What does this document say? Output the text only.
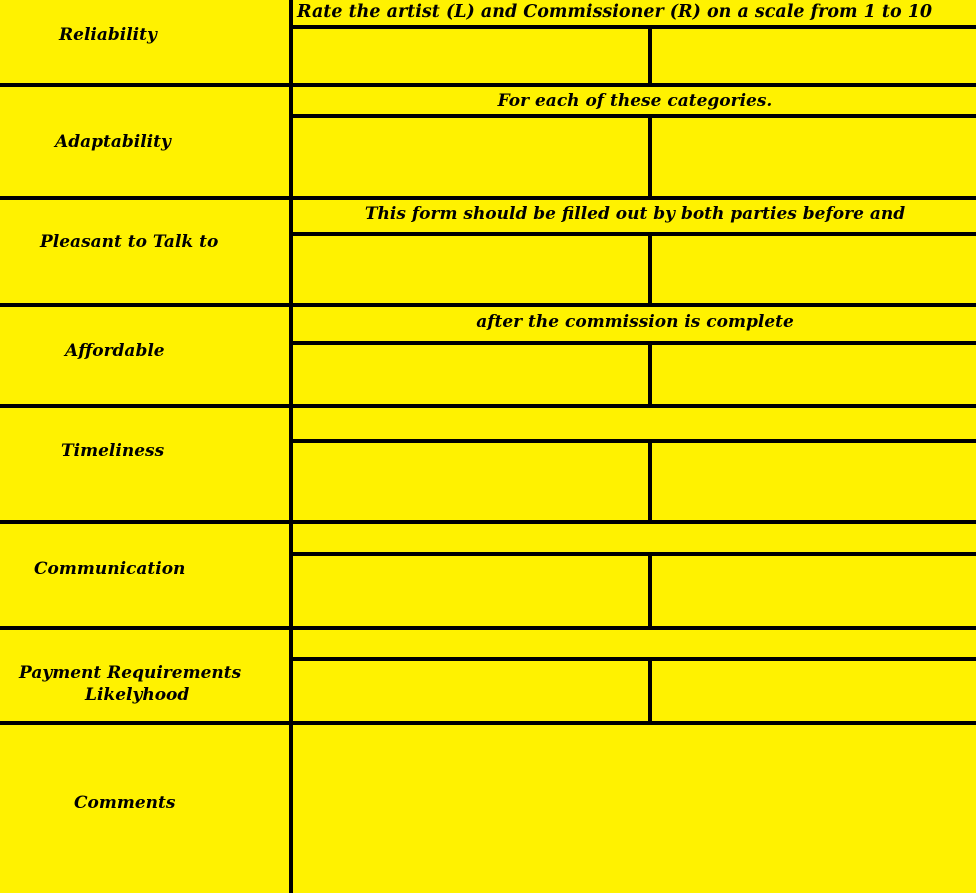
Reliability
Adaptability
Pleasant to Talk to
Affordable
Timeliness
Communication
Payment Requirements
Likelyhood
Comments
Rate the artist (L) and Commissioner (R) on a scale from 1 to 10
For each of these categories.
This form should be filled out by both parties before and
after the commission is complete
